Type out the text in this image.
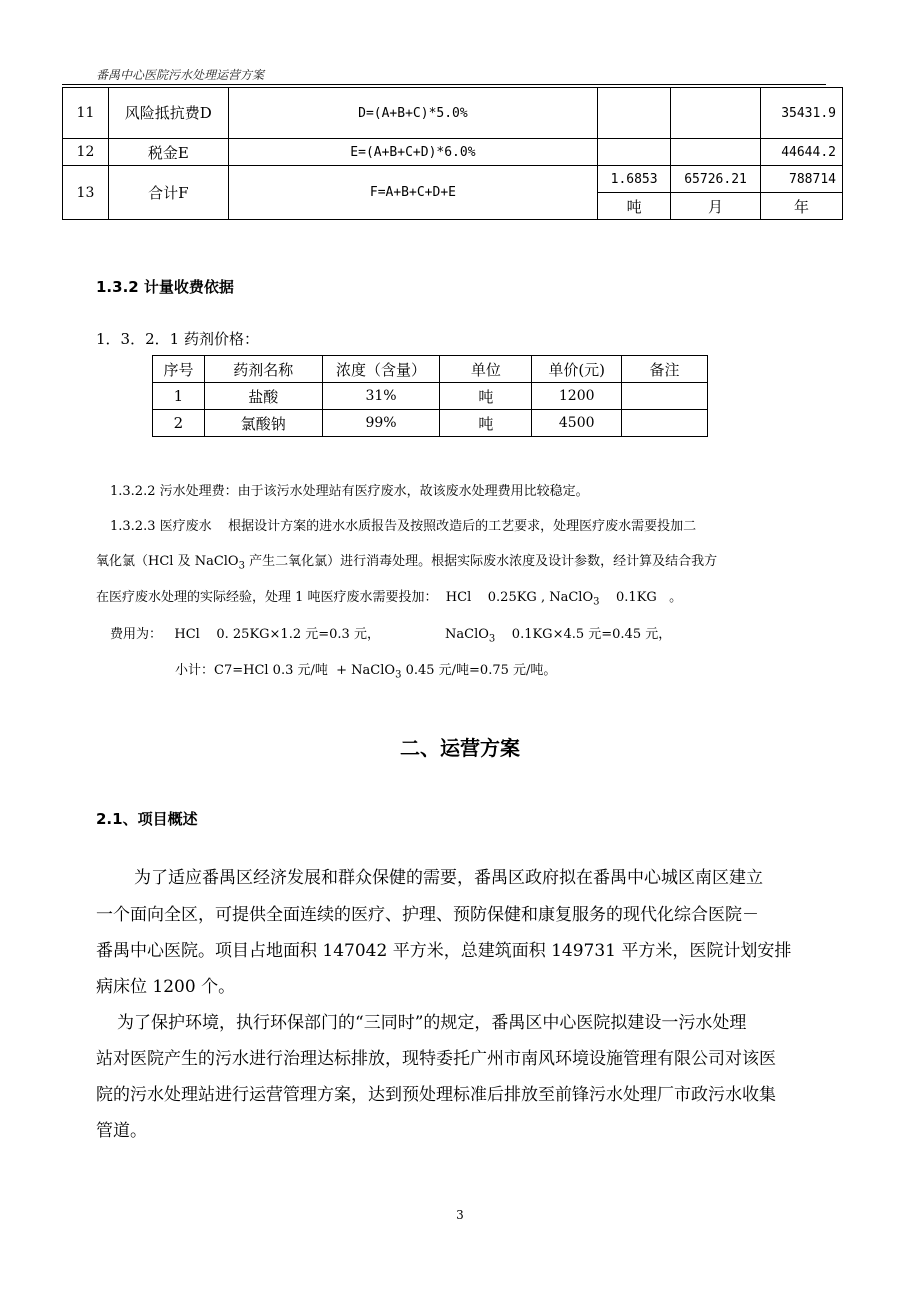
番禺中心医院污水处理运营方案
11	风险抵抗费D	D=(A+B+C)*5.0%			35431.9
12	税金E	E=(A+B+C+D)*6.0%			44644.2
13	合计F	F=A+B+C+D+E	1.6853	65726.21	788714
			吨	月	年
1.3.2 计量收费依据
1．3．2．1 药剂价格：
序号	药剂名称	浓度（含量）	单位	单价(元)	备注
1	盐酸	31%	吨	1200	
2	氯酸钠	99%	吨	4500	
1.3.2.2 污水处理费：由于该污水处理站有医疗废水，故该废水处理费用比较稳定。
1.3.2.3 医疗废水    根据设计方案的进水水质报告及按照改造后的工艺要求，处理医疗废水需要投加二
氧化氯（HCl 及 NaClO$_3$ 产生二氧化氯）进行消毒处理。根据实际废水浓度及设计参数，经计算及结合我方
在医疗废水处理的实际经验，处理 1 吨医疗废水需要投加：  HCl    0.25KG , NaClO$_3$    0.1KG   。
费用为：   HCl    0. 25KG×1.2 元=0.3 元，	NaClO$_3$    0.1KG×4.5 元=0.45 元，
小计：C7=HCl 0.3 元/吨  + NaClO$_3$ 0.45 元/吨=0.75 元/吨。
二、运营方案
2.1、项目概述
为了适应番禺区经济发展和群众保健的需要，番禺区政府拟在番禺中心城区南区建立
一个面向全区，可提供全面连续的医疗、护理、预防保健和康复服务的现代化综合医院－
番禺中心医院。项目占地面积 147042 平方米，总建筑面积 149731 平方米，医院计划安排
病床位 1200 个。
为了保护环境，执行环保部门的“三同时”的规定，番禺区中心医院拟建设一污水处理
站对医院产生的污水进行治理达标排放，现特委托广州市南风环境设施管理有限公司对该医
院的污水处理站进行运营管理方案，达到预处理标准后排放至前锋污水处理厂市政污水收集
管道。
3
